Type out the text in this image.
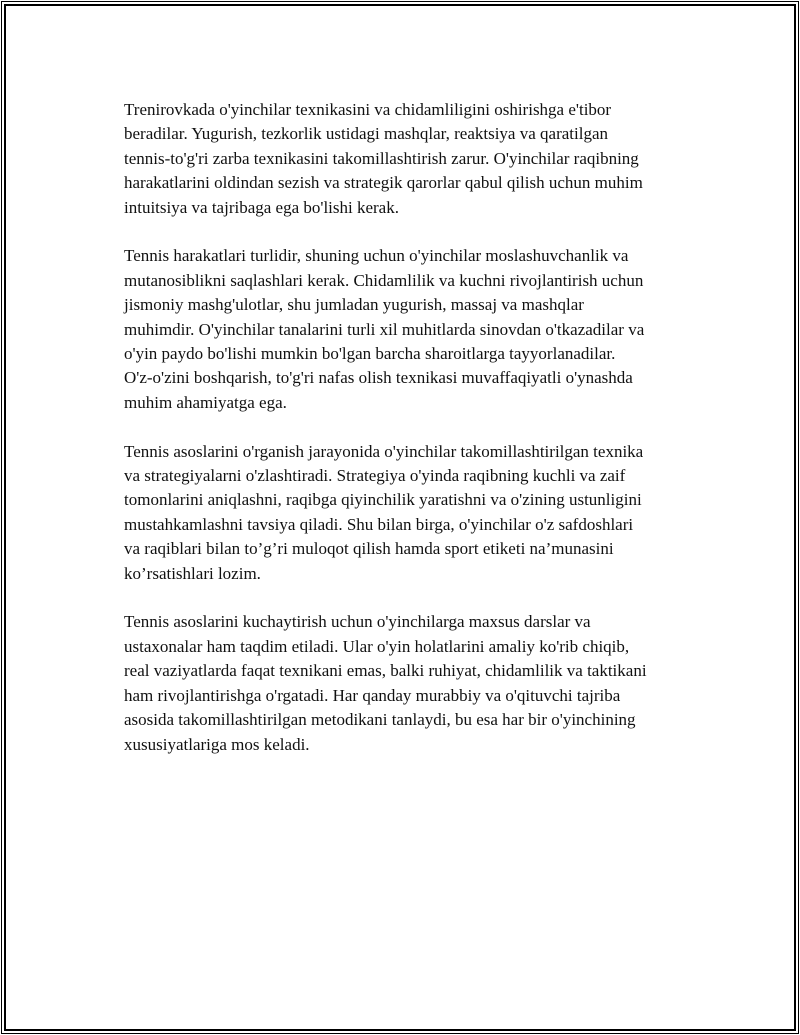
Trenirovkada o'yinchilar texnikasini va chidamliligini oshirishga e'tibor
beradilar. Yugurish, tezkorlik ustidagi mashqlar, reaktsiya va qaratilgan
tennis-to'g'ri zarba texnikasini takomillashtirish zarur. O'yinchilar raqibning
harakatlarini oldindan sezish va strategik qarorlar qabul qilish uchun muhim
intuitsiya va tajribaga ega bo'lishi kerak.

Tennis harakatlari turlidir, shuning uchun o'yinchilar moslashuvchanlik va
mutanosiblikni saqlashlari kerak. Chidamlilik va kuchni rivojlantirish uchun
jismoniy mashg'ulotlar, shu jumladan yugurish, massaj va mashqlar
muhimdir. O'yinchilar tanalarini turli xil muhitlarda sinovdan o'tkazadilar va
o'yin paydo bo'lishi mumkin bo'lgan barcha sharoitlarga tayyorlanadilar.
O'z-o'zini boshqarish, to'g'ri nafas olish texnikasi muvaffaqiyatli o'ynashda
muhim ahamiyatga ega.

Tennis asoslarini o'rganish jarayonida o'yinchilar takomillashtirilgan texnika
va strategiyalarni o'zlashtiradi. Strategiya o'yinda raqibning kuchli va zaif
tomonlarini aniqlashni, raqibga qiyinchilik yaratishni va o'zining ustunligini
mustahkamlashni tavsiya qiladi. Shu bilan birga, o'yinchilar o'z safdoshlari
va raqiblari bilan to’g’ri muloqot qilish hamda sport etiketi na’munasini
ko’rsatishlari lozim.

Tennis asoslarini kuchaytirish uchun o'yinchilarga maxsus darslar va
ustaxonalar ham taqdim etiladi. Ular o'yin holatlarini amaliy ko'rib chiqib,
real vaziyatlarda faqat texnikani emas, balki ruhiyat, chidamlilik va taktikani
ham rivojlantirishga o'rgatadi. Har qanday murabbiy va o'qituvchi tajriba
asosida takomillashtirilgan metodikani tanlaydi, bu esa har bir o'yinchining
xususiyatlariga mos keladi.
